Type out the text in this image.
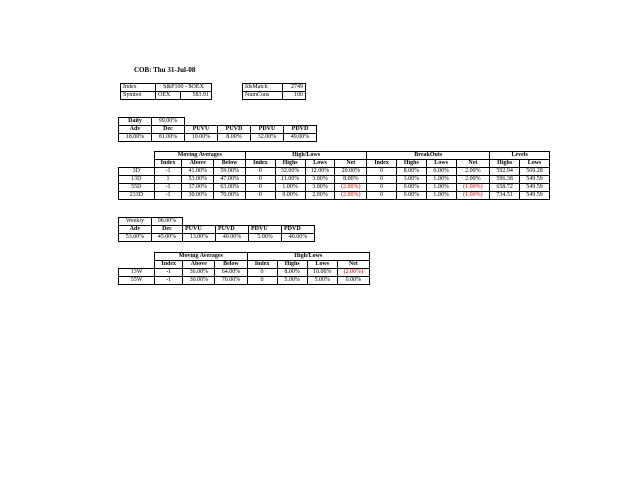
COB: Thu 31-Jul-08
Index	S&P100 - $OEX	
Symbol	OEX	583.91
IdsMatch	2749
NumCons	100
Daily	99.00%				
Adv	Dec	PUVU	PUVD	PDVU	PDVD
18.00%	81.00%	10.00%	8.00%	32.00%	49.00%
	Moving Averages			High/Lows				BreakOuts				Levels	
	Index	Above	Below	Index	Highs	Lows	Net	Index	Highs	Lows	Net	Highs	Lows
3D	-1	41.00%	59.00%	0	32.00%	12.00%	20.00%	0	8.00%	6.00%	2.00%	592.94	569.28
13D	1	53.00%	47.00%	0	11.00%	3.00%	8.00%	0	3.00%	1.00%	2.00%	596.38	549.59
55D	-1	37.00%	63.00%	0	1.00%	3.00%	(2.00%)	0	0.00%	1.00%	(1.00%)	658.72	549.59
233D	-1	30.00%	70.00%	0	0.00%	2.00%	(2.00%)	0	0.00%	1.00%	(1.00%)	734.51	549.59
Weekly	98.00%				
Adv	Dec	PUVU	PUVD	PDVU	PDVD
53.00%	45.00%	13.00%	40.00%	5.00%	40.00%
	Moving Averages			High/Lows			
	Index	Above	Below	Index	Highs	Lows	Net
13W	-1	36.00%	64.00%	0	8.00%	10.00%	(2.00%)
55W	-1	30.00%	70.00%	0	5.00%	5.00%	0.00%
